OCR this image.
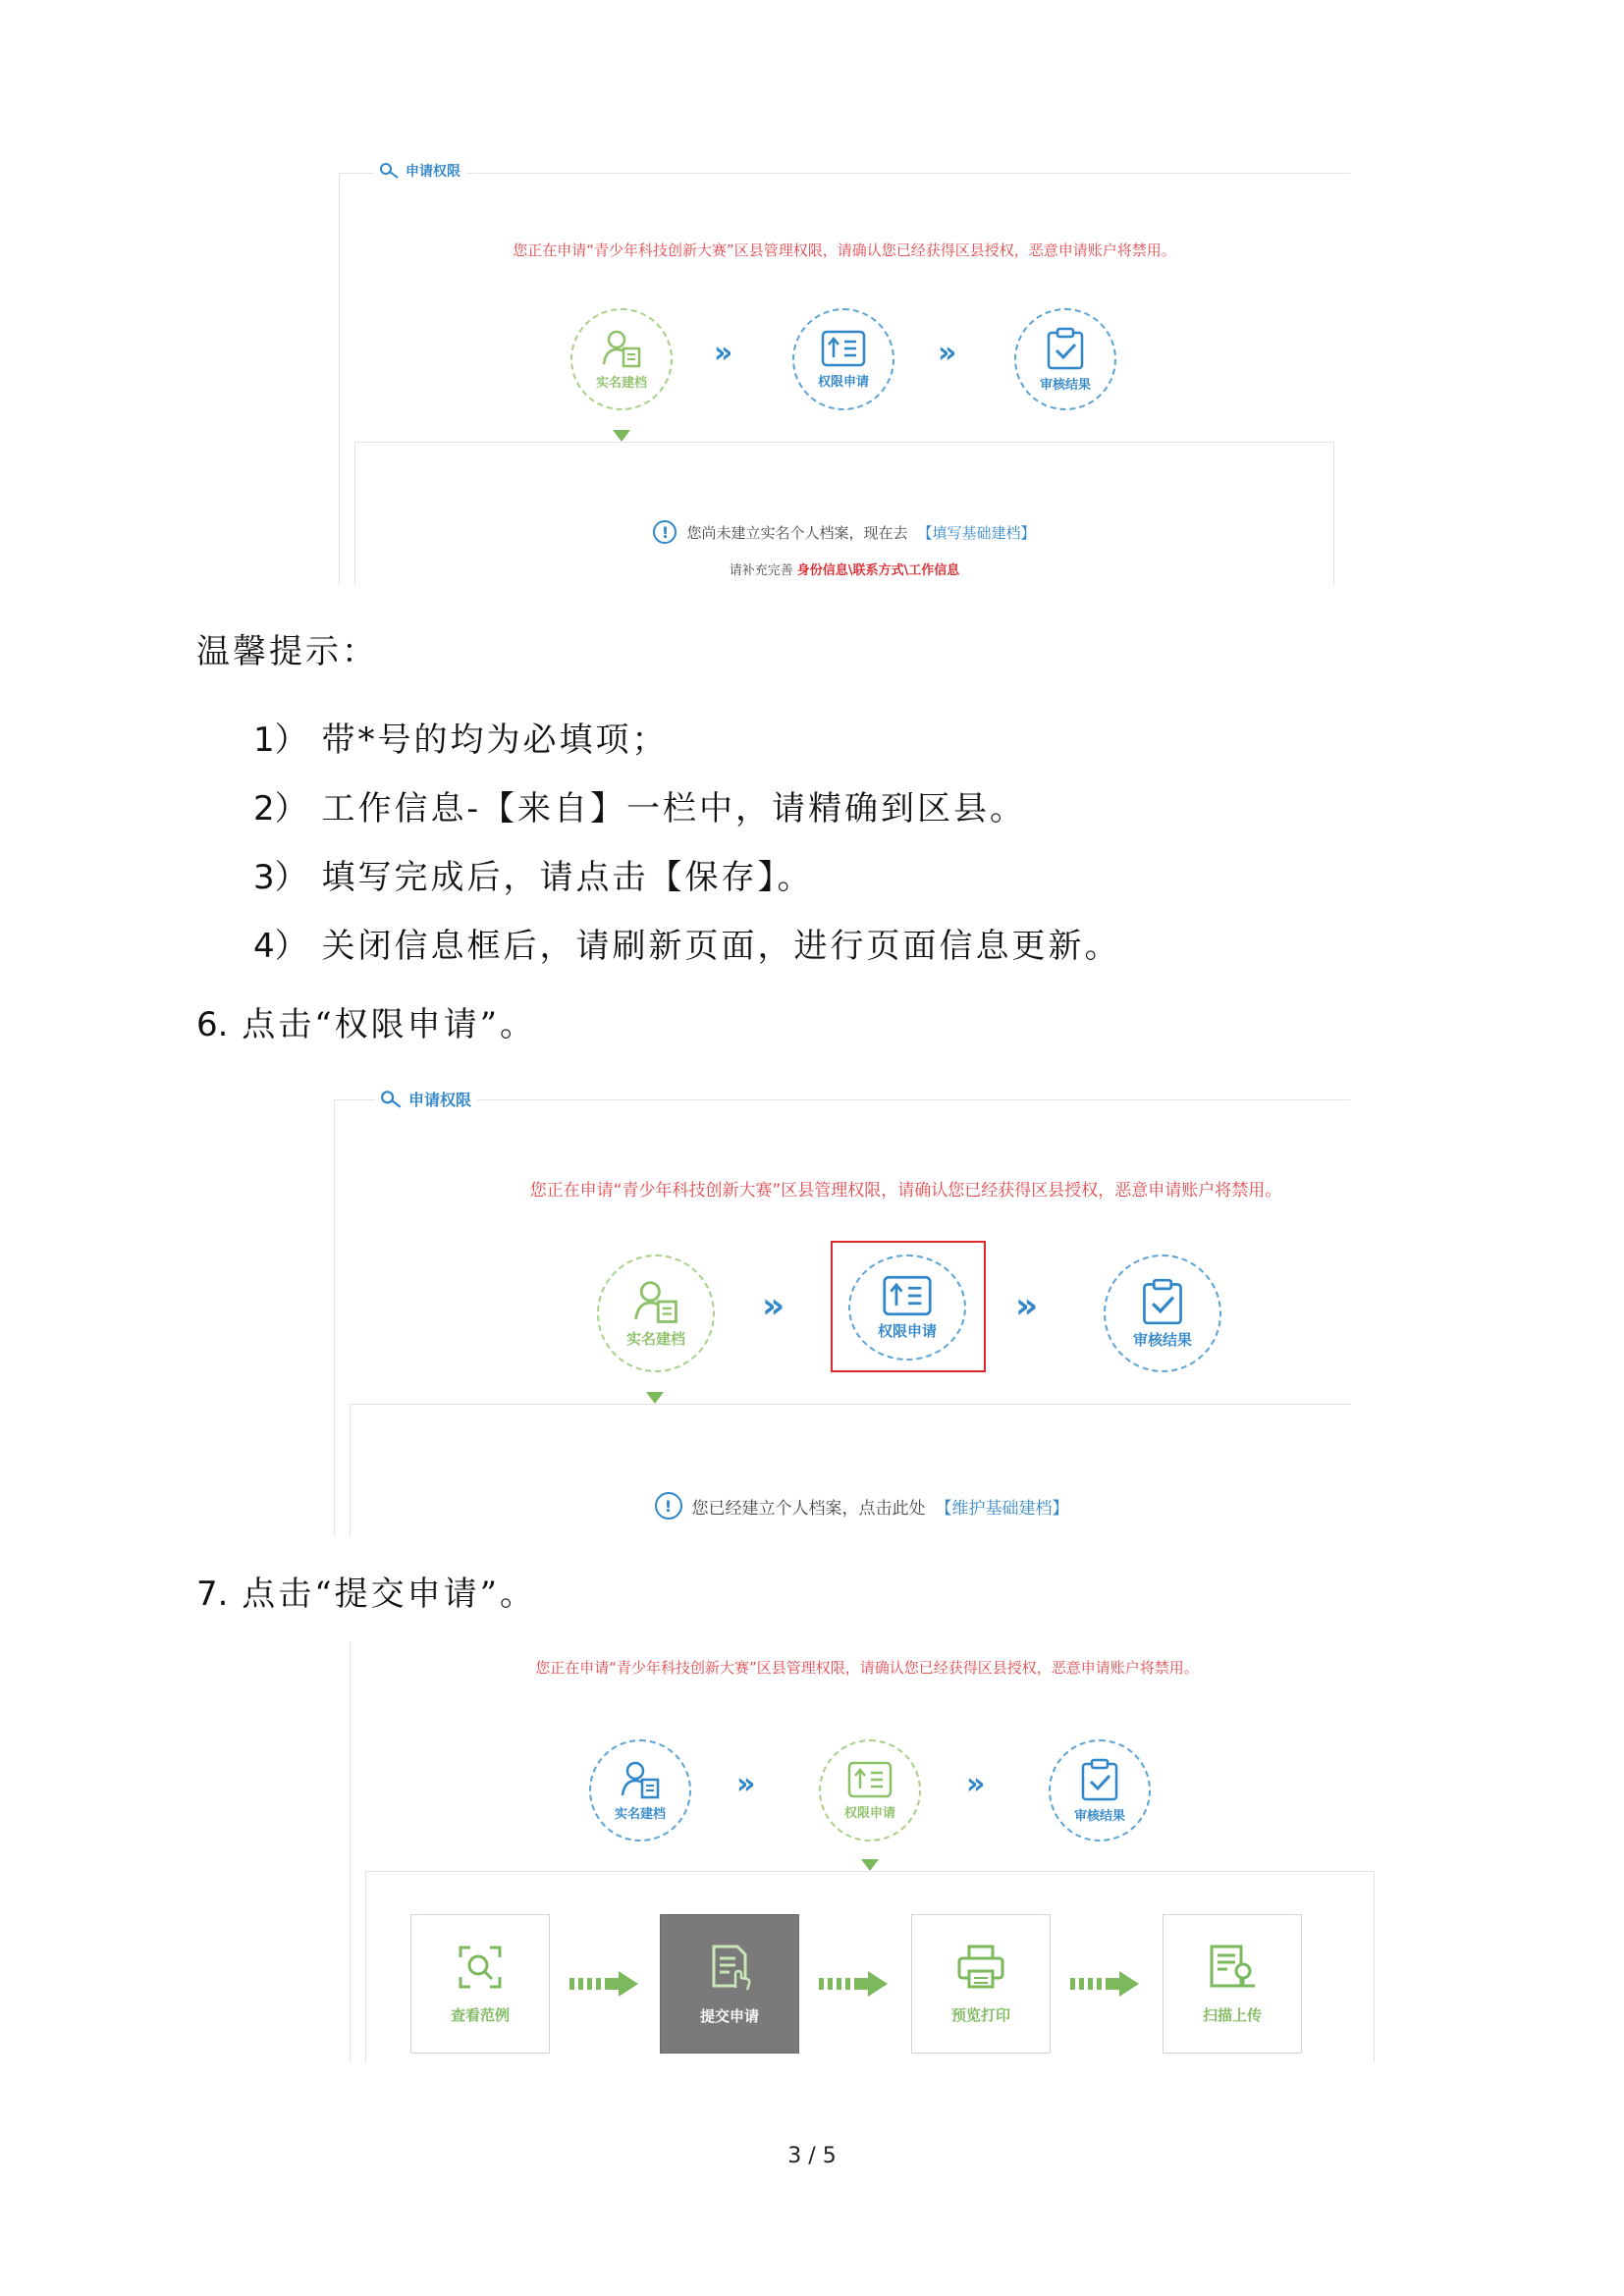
申请权限
您正在申请“青少年科技创新大赛”区县管理权限，请确认您已经获得区县授权，恶意申请账户将禁用。
实名建档
»
权限申请
»
审核结果
!	您尚未建立实名个人档案，现在去 【填写基础建档】
请补充完善 身份信息\联系方式\工作信息
温馨提示：
1） 带*号的均为必填项；
2） 工作信息-【来自】一栏中，请精确到区县。
3） 填写完成后，请点击【保存】。
4） 关闭信息框后，请刷新页面，进行页面信息更新。
6. 点击“权限申请”。
申请权限
您正在申请“青少年科技创新大赛”区县管理权限，请确认您已经获得区县授权，恶意申请账户将禁用。
实名建档
»
权限申请
»
审核结果
!	您已经建立个人档案，点击此处 【维护基础建档】
7. 点击“提交申请”。
您正在申请“青少年科技创新大赛”区县管理权限，请确认您已经获得区县授权，恶意申请账户将禁用。
实名建档
»
权限申请
»
审核结果
查看范例	提交申请	预览打印	扫描上传
3 / 5
